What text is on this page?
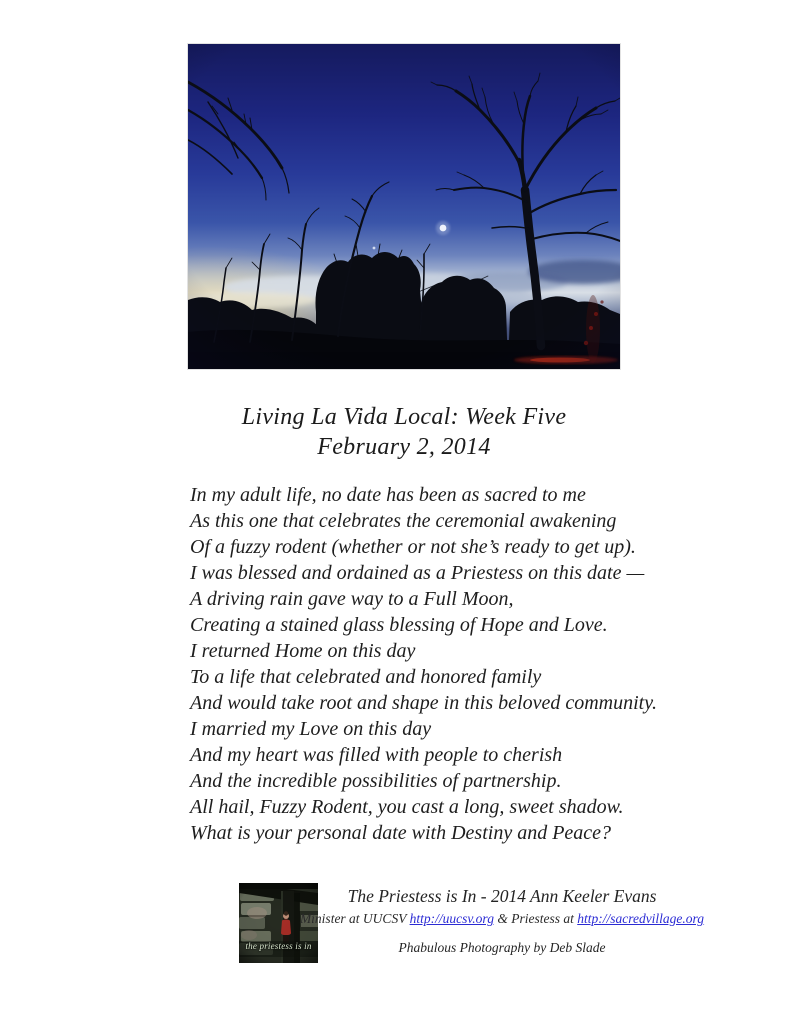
Living La Vida Local: Week Five
February 2, 2014
In my adult life, no date has been as sacred to me
As this one that celebrates the ceremonial awakening
Of a fuzzy rodent (whether or not she’s ready to get up).
I was blessed and ordained as a Priestess on this date —
A driving rain gave way to a Full Moon,
Creating a stained glass blessing of Hope and Love.
I returned Home on this day
To a life that celebrated and honored family
And would take root and shape in this beloved community.
I married my Love on this day
And my heart was filled with people to cherish
And the incredible possibilities of partnership.
All hail, Fuzzy Rodent, you cast a long, sweet shadow.
What is your personal date with Destiny and Peace?
the priestess is in
The Priestess is In - 2014 Ann Keeler Evans
Minister at UUCSV http://uucsv.org & Priestess at http://sacredvillage.org
Phabulous Photography by Deb Slade
